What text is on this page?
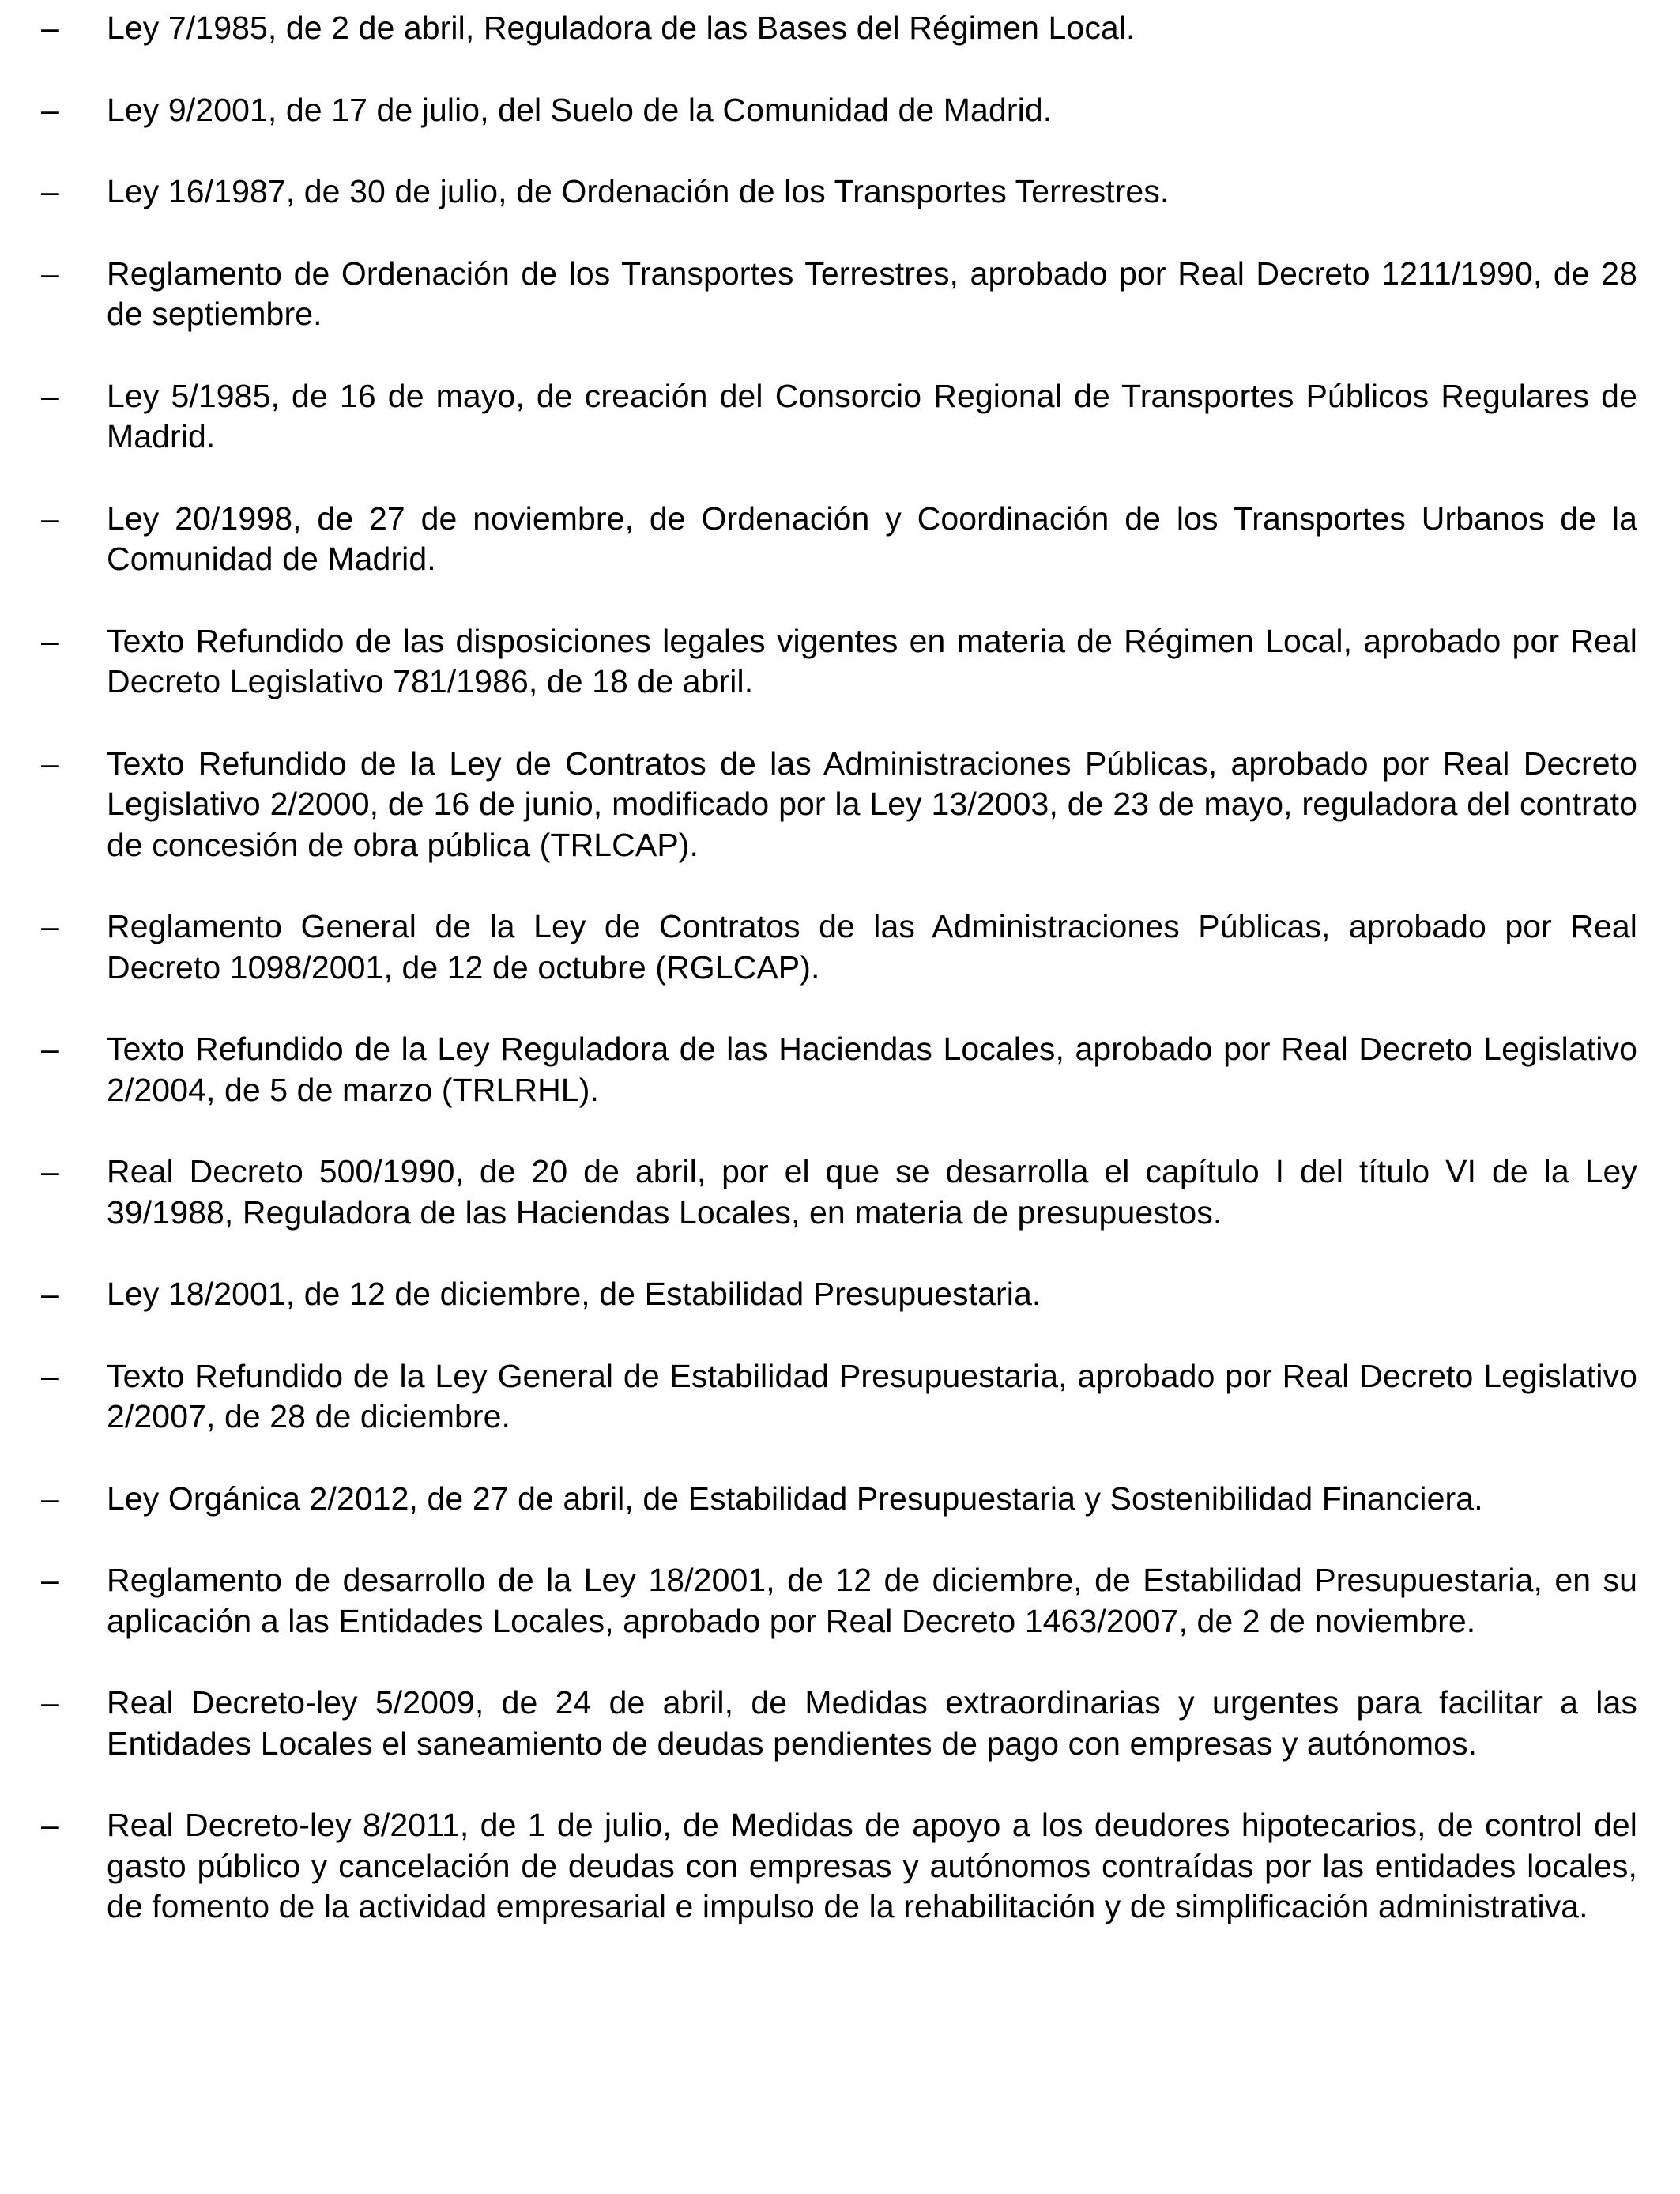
–	Ley 7/1985, de 2 de abril, Reguladora de las Bases del Régimen Local.
–	Ley 9/2001, de 17 de julio, del Suelo de la Comunidad de Madrid.
–	Ley 16/1987, de 30 de julio, de Ordenación de los Transportes Terrestres.
–	Reglamento de Ordenación de los Transportes Terrestres, aprobado por Real Decreto 1211/1990, de 28 de septiembre.
–	Ley 5/1985, de 16 de mayo, de creación del Consorcio Regional de Transportes Públicos Regulares de Madrid.
–	Ley 20/1998, de 27 de noviembre, de Ordenación y Coordinación de los Transportes Urbanos de la Comunidad de Madrid.
–	Texto Refundido de las disposiciones legales vigentes en materia de Régimen Local, aprobado por Real Decreto Legislativo 781/1986, de 18 de abril.
–	Texto Refundido de la Ley de Contratos de las Administraciones Públicas, aprobado por Real Decreto Legislativo 2/2000, de 16 de junio, modificado por la Ley 13/2003, de 23 de mayo, reguladora del contrato de concesión de obra pública (TRLCAP).
–	Reglamento General de la Ley de Contratos de las Administraciones Públicas, aprobado por Real Decreto 1098/2001, de 12 de octubre (RGLCAP).
–	Texto Refundido de la Ley Reguladora de las Haciendas Locales, aprobado por Real Decreto Legislativo 2/2004, de 5 de marzo (TRLRHL).
–	Real Decreto 500/1990, de 20 de abril, por el que se desarrolla el capítulo I del título VI de la Ley 39/1988, Reguladora de las Haciendas Locales, en materia de presupuestos.
–	Ley 18/2001, de 12 de diciembre, de Estabilidad Presupuestaria.
–	Texto Refundido de la Ley General de Estabilidad Presupuestaria, aprobado por Real Decreto Legislativo 2/2007, de 28 de diciembre.
–	Ley Orgánica 2/2012, de 27 de abril, de Estabilidad Presupuestaria y Sostenibilidad Financiera.
–	Reglamento de desarrollo de la Ley 18/2001, de 12 de diciembre, de Estabilidad Presupuestaria, en su aplicación a las Entidades Locales, aprobado por Real Decreto 1463/2007, de 2 de noviembre.
–	Real Decreto-ley 5/2009, de 24 de abril, de Medidas extraordinarias y urgentes para facilitar a las Entidades Locales el saneamiento de deudas pendientes de pago con empresas y autónomos.
–	Real Decreto-ley 8/2011, de 1 de julio, de Medidas de apoyo a los deudores hipotecarios, de control del gasto público y cancelación de deudas con empresas y autónomos contraídas por las entidades locales, de fomento de la actividad empresarial e impulso de la rehabilitación y de simplificación administrativa.
